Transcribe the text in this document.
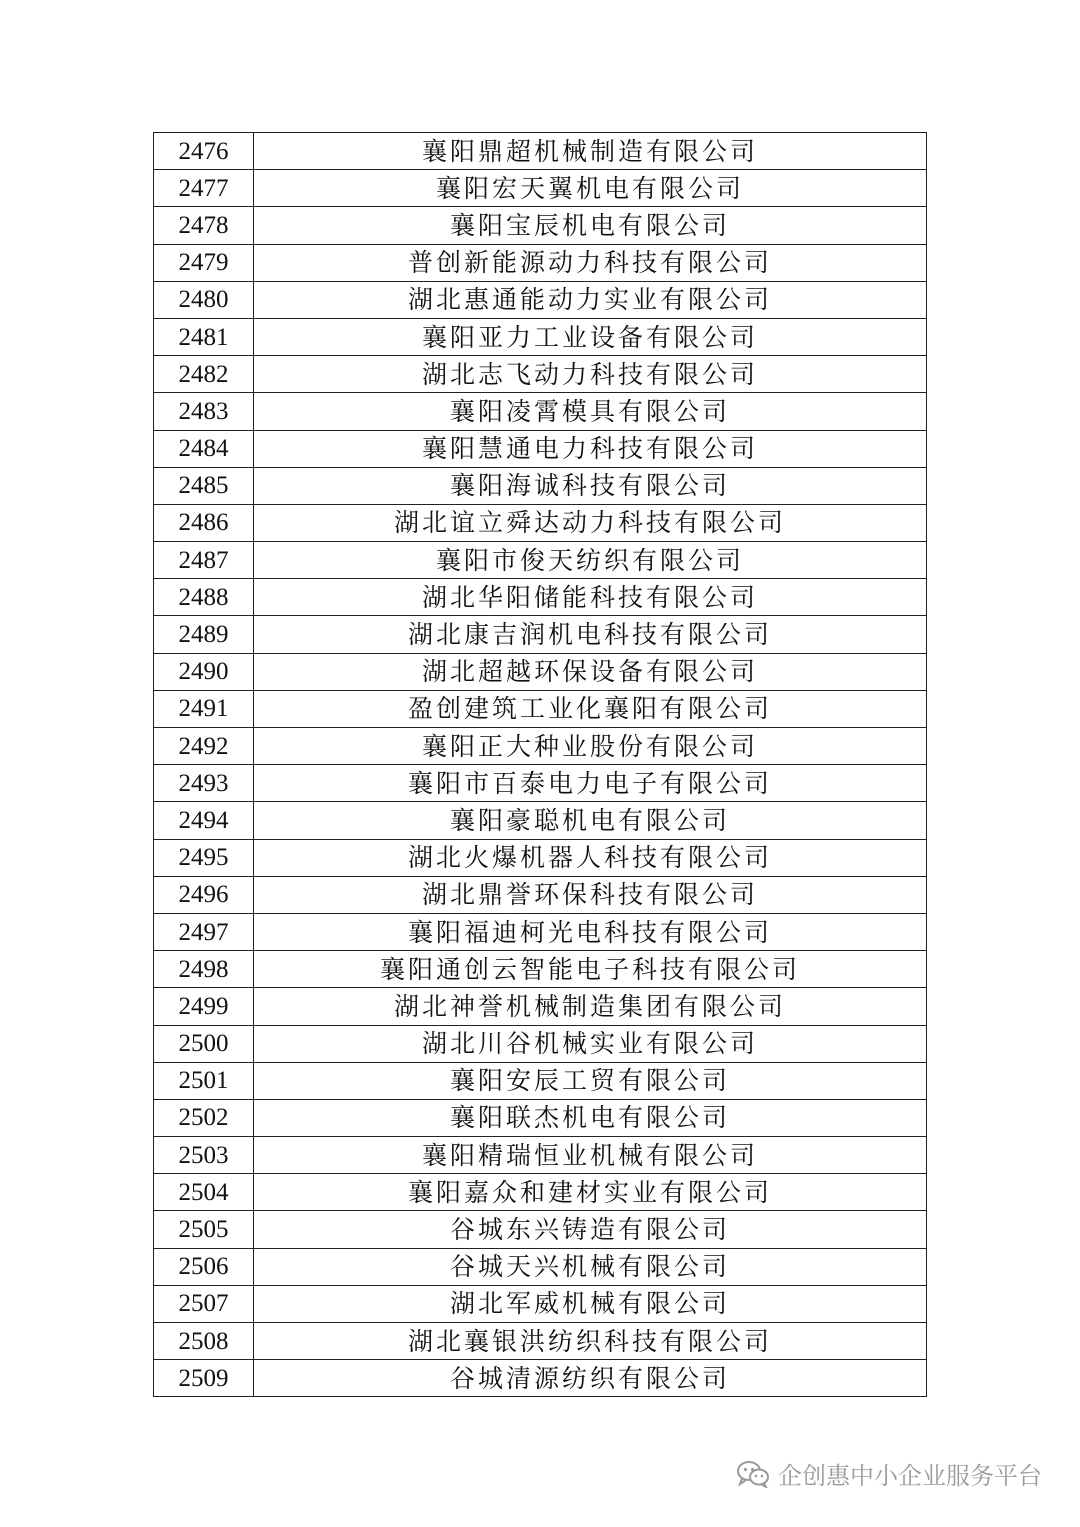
2476	襄阳鼎超机械制造有限公司
2477	襄阳宏天翼机电有限公司
2478	襄阳宝辰机电有限公司
2479	普创新能源动力科技有限公司
2480	湖北惠通能动力实业有限公司
2481	襄阳亚力工业设备有限公司
2482	湖北志飞动力科技有限公司
2483	襄阳凌霄模具有限公司
2484	襄阳慧通电力科技有限公司
2485	襄阳海诚科技有限公司
2486	湖北谊立舜达动力科技有限公司
2487	襄阳市俊天纺织有限公司
2488	湖北华阳储能科技有限公司
2489	湖北康吉润机电科技有限公司
2490	湖北超越环保设备有限公司
2491	盈创建筑工业化襄阳有限公司
2492	襄阳正大种业股份有限公司
2493	襄阳市百泰电力电子有限公司
2494	襄阳豪聪机电有限公司
2495	湖北火爆机器人科技有限公司
2496	湖北鼎誉环保科技有限公司
2497	襄阳福迪柯光电科技有限公司
2498	襄阳通创云智能电子科技有限公司
2499	湖北神誉机械制造集团有限公司
2500	湖北川谷机械实业有限公司
2501	襄阳安辰工贸有限公司
2502	襄阳联杰机电有限公司
2503	襄阳精瑞恒业机械有限公司
2504	襄阳嘉众和建材实业有限公司
2505	谷城东兴铸造有限公司
2506	谷城天兴机械有限公司
2507	湖北军威机械有限公司
2508	湖北襄银洪纺织科技有限公司
2509	谷城清源纺织有限公司
企创惠中小企业服务平台
